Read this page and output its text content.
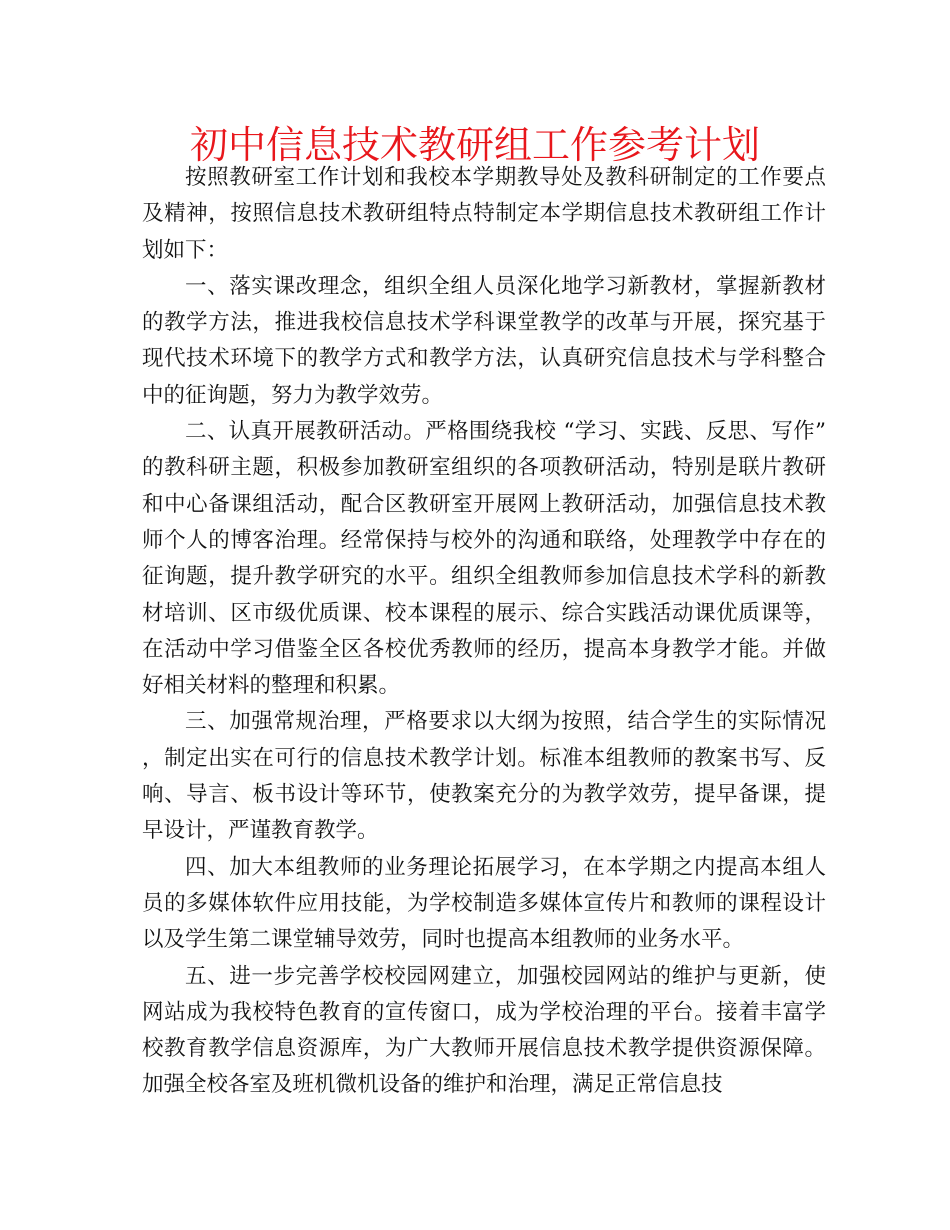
初中信息技术教研组工作参考计划

按照教研室工作计划和我校本学期教导处及教科研制定的工作要点及精神，按照信息技术教研组特点特制定本学期信息技术教研组工作计划如下：

一、落实课改理念，组织全组人员深化地学习新教材，掌握新教材的教学方法，推进我校信息技术学科课堂教学的改革与开展，探究基于现代技术环境下的教学方式和教学方法，认真研究信息技术与学科整合中的征询题，努力为教学效劳。

二、认真开展教研活动。严格围绕我校 “学习、实践、反思、写作” 的教科研主题，积极参加教研室组织的各项教研活动，特别是联片教研和中心备课组活动，配合区教研室开展网上教研活动，加强信息技术教师个人的博客治理。经常保持与校外的沟通和联络，处理教学中存在的征询题，提升教学研究的水平。组织全组教师参加信息技术学科的新教材培训、区市级优质课、校本课程的展示、综合实践活动课优质课等，在活动中学习借鉴全区各校优秀教师的经历，提高本身教学才能。并做好相关材料的整理和积累。

三、加强常规治理，严格要求以大纲为按照，结合学生的实际情况，制定出实在可行的信息技术教学计划。标准本组教师的教案书写、反响、导言、板书设计等环节，使教案充分的为教学效劳，提早备课，提早设计，严谨教育教学。

四、加大本组教师的业务理论拓展学习，在本学期之内提高本组人员的多媒体软件应用技能，为学校制造多媒体宣传片和教师的课程设计以及学生第二课堂辅导效劳，同时也提高本组教师的业务水平。

五、进一步完善学校校园网建立，加强校园网站的维护与更新，使网站成为我校特色教育的宣传窗口，成为学校治理的平台。接着丰富学校教育教学信息资源库，为广大教师开展信息技术教学提供资源保障。加强全校各室及班机微机设备的维护和治理，满足正常信息技
